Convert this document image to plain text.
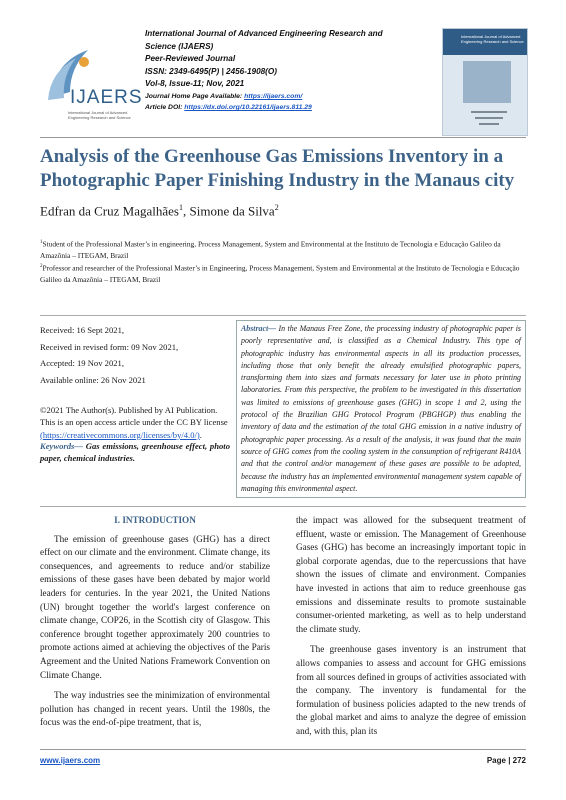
IJAERS
International Journal of Advanced Engineering Research and Science
International Journal of Advanced Engineering Research and
Science (IJAERS)
Peer-Reviewed Journal
ISSN: 2349-6495(P) | 2456-1908(O)
Vol-8, Issue-11; Nov, 2021
Journal Home Page Available: https://ijaers.com/
Article DOI: https://dx.doi.org/10.22161/ijaers.811.29
International Journal of Advanced Engineering Research and Science
Analysis of the Greenhouse Gas Emissions Inventory in a Photographic Paper Finishing Industry in the Manaus city
Edfran da Cruz Magalhães$^1$, Simone da Silva$^2$

$^1$Student of the Professional Master’s in engineering, Process Management, System and Environmental at the Instituto de Tecnologia e Educação Galileo da Amazônia – ITEGAM, Brazil

$^2$Professor and researcher of the Professional Master’s in Engineering, Process Management, System and Environmental at the Instituto de Tecnologia e Educação Galileo da Amazônia – ITEGAM, Brazil

Received: 16 Sept 2021,
Received in revised form: 09 Nov 2021,
Accepted: 19 Nov 2021,
Available online: 26 Nov 2021
©2021 The Author(s). Published by AI Publication. This is an open access article under the CC BY license (https://creativecommons.org/licenses/by/4.0/).
Keywords— Gas emissions, greenhouse effect, photo paper, chemical industries.
Abstract— In the Manaus Free Zone, the processing industry of photographic paper is poorly representative and, is classified as a Chemical Industry. This type of photographic industry has environmental aspects in all its production processes, including those that only benefit the already emulsified photographic papers, transforming them into sizes and formats necessary for later use in photo printing laboratories. From this perspective, the problem to be investigated in this dissertation was limited to emissions of greenhouse gases (GHG) in scope 1 and 2, using the protocol of the Brazilian GHG Protocol Program (PBGHGP) thus enabling the inventory of data and the estimation of the total GHG emission in a native industry of photographic paper processing. As a result of the analysis, it was found that the main source of GHG comes from the cooling system in the consumption of refrigerant R410A and that the control and/or management of these gases are possible to be adopted, because the industry has an implemented environmental management system capable of managing this environmental aspect.

I. INTRODUCTION

The emission of greenhouse gases (GHG) has a direct effect on our climate and the environment. Climate change, its consequences, and agreements to reduce and/or stabilize emissions of these gases have been debated by major world leaders for centuries. In the year 2021, the United Nations (UN) brought together the world's largest conference on climate change, COP26, in the Scottish city of Glasgow. This conference brought together approximately 200 countries to promote actions aimed at achieving the objectives of the Paris Agreement and the United Nations Framework Convention on Climate Change.

The way industries see the minimization of environmental pollution has changed in recent years. Until the 1980s, the focus was the end-of-pipe treatment, that is,

the impact was allowed for the subsequent treatment of effluent, waste or emission. The Management of Greenhouse Gases (GHG) has become an increasingly important topic in global corporate agendas, due to the repercussions that have shown the issues of climate and environment. Companies have invested in actions that aim to reduce greenhouse gas emissions and disseminate results to promote sustainable consumer-oriented marketing, as well as to help understand the climate study.

The greenhouse gases inventory is an instrument that allows companies to assess and account for GHG emissions from all sources defined in groups of activities associated with the company. The inventory is fundamental for the formulation of business policies adapted to the new trends of the global market and aims to analyze the degree of emission and, with this, plan its

www.ijaers.com	Page | 272
